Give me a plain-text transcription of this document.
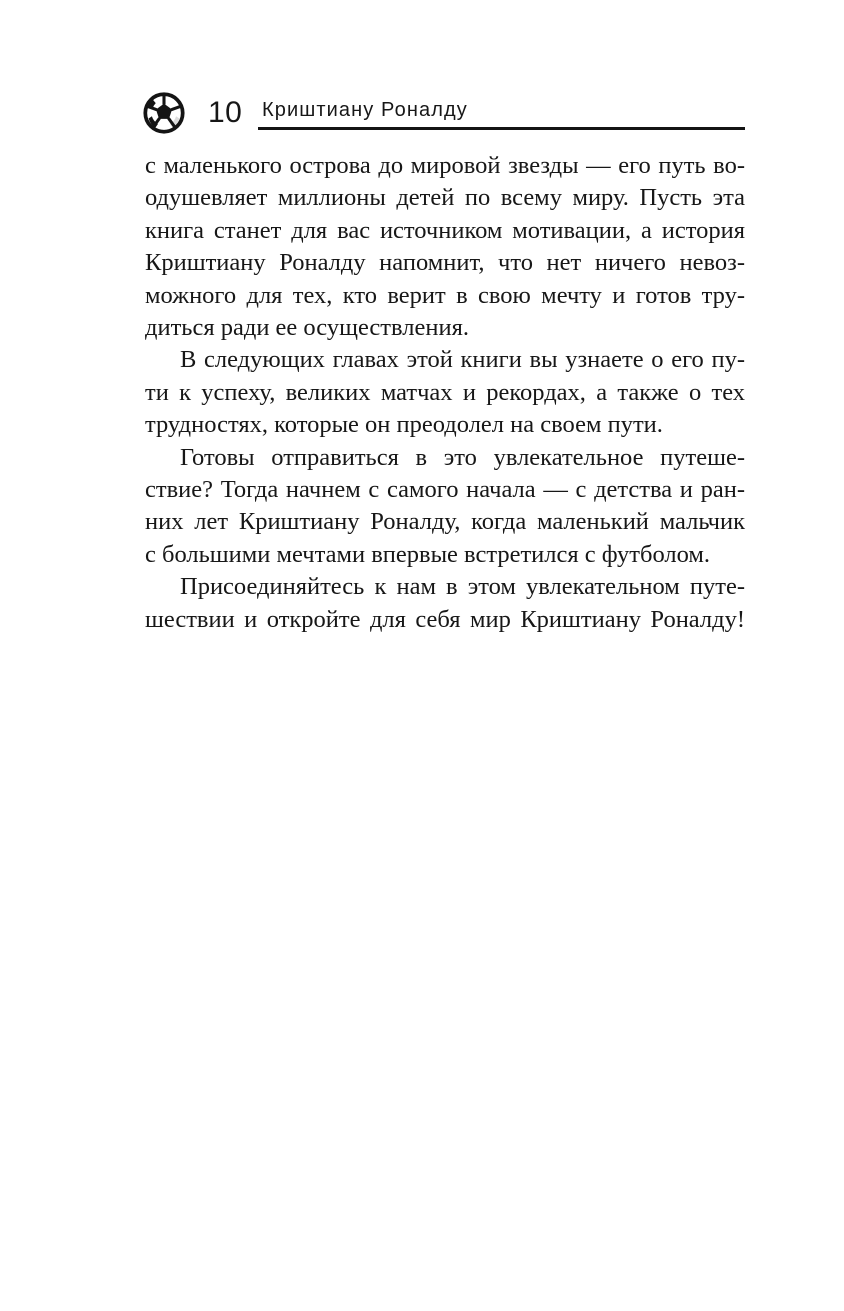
10 Криштиану Роналду

с маленького острова до мировой звезды — его путь во-
одушевляет миллионы детей по всему миру. Пусть эта
книга станет для вас источником мотивации, а история
Криштиану Роналду напомнит, что нет ничего невоз-
можного для тех, кто верит в свою мечту и готов тру-
диться ради ее осуществления.

В следующих главах этой книги вы узнаете о его пу-
ти к успеху, великих матчах и рекордах, а также о тех
трудностях, которые он преодолел на своем пути.

Готовы отправиться в это увлекательное путеше-
ствие? Тогда начнем с самого начала — с детства и ран-
них лет Криштиану Роналду, когда маленький мальчик
с большими мечтами впервые встретился с футболом.

Присоединяйтесь к нам в этом увлекательном путе-
шествии и откройте для себя мир Криштиану Роналду!
